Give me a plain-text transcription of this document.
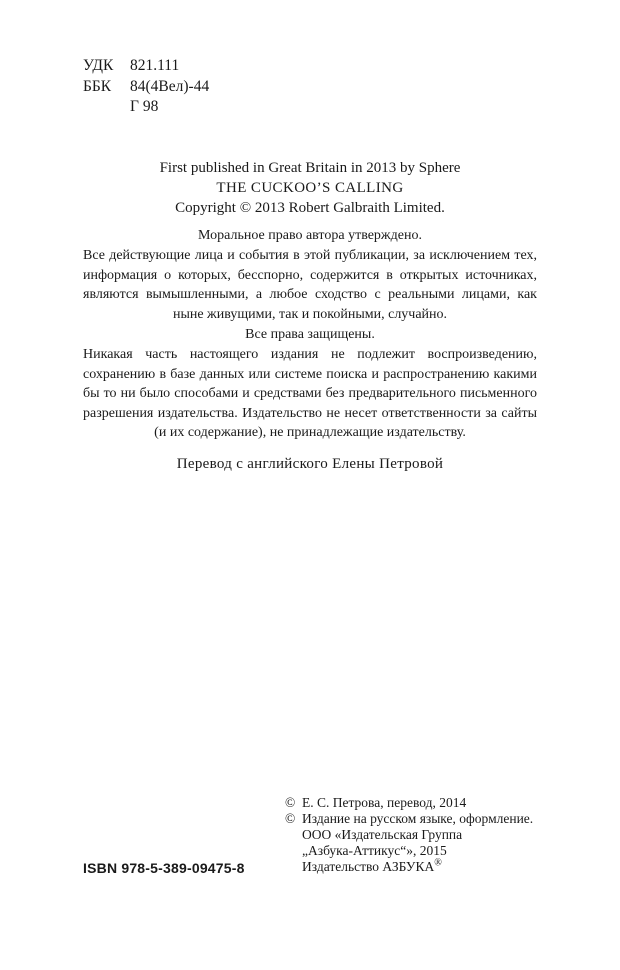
УДК	821.111
ББК	84(4Вел)-44
Г 98
First published in Great Britain in 2013 by Sphere
THE CUCKOO’S CALLING
Copyright © 2013 Robert Galbraith Limited.
Моральное право автора утверждено.
Все действующие лица и события в этой публикации, за исключением тех, информация о которых, бесспорно, содержится в открытых источниках, являются вымышленными, а любое сходство с реальными лицами, как ныне живущими, так и покойными, случайно.
Все права защищены.
Никакая часть настоящего издания не подлежит воспроизведению, сохранению в базе данных или системе поиска и распространению какими бы то ни было способами и средствами без предварительного письменного разрешения издательства. Издательство не несет ответственности за сайты (и их содержание), не принадлежащие издательству.
Перевод с английского Елены Петровой
© Е. С. Петрова, перевод, 2014
© Издание на русском языке, оформление.
ООО «Издательская Группа
„Азбука-Аттикус“», 2015
Издательство АЗБУКА®
ISBN 978-5-389-09475-8
